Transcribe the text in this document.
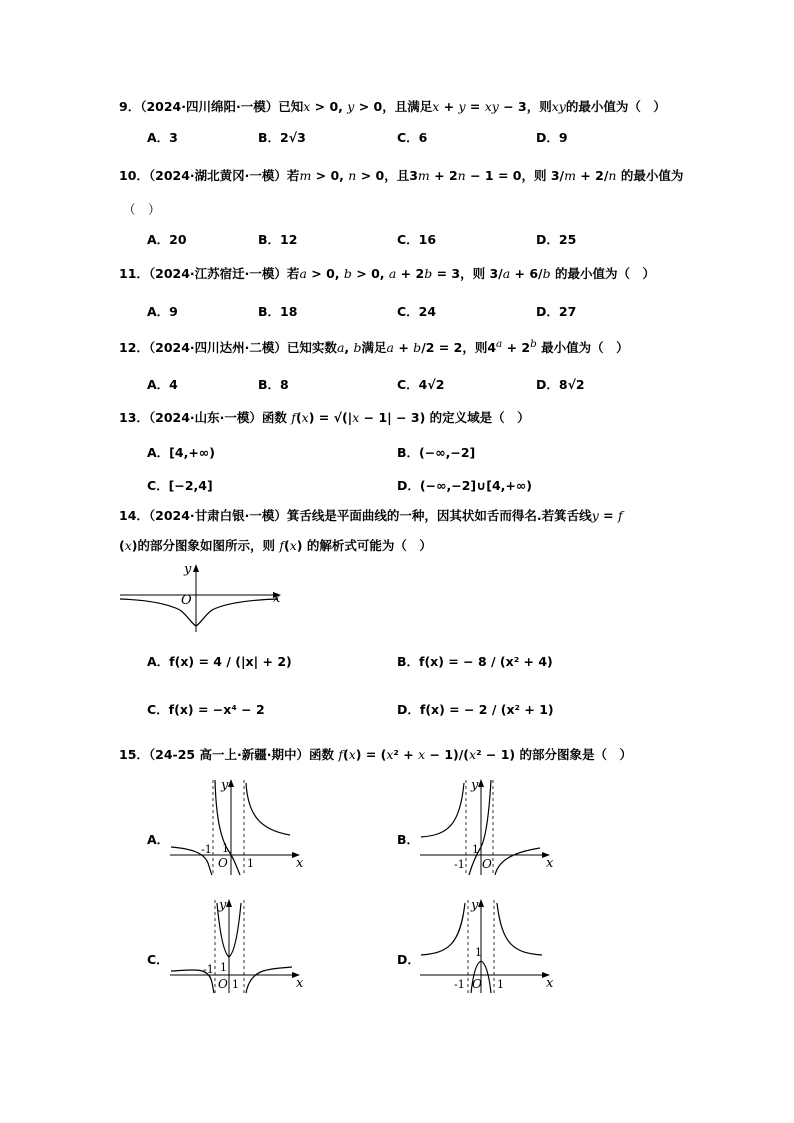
9．（2024·四川绵阳·一模）已知x > 0, y > 0，且满足x + y = xy − 3，则xy的最小值为（　）
A．3	B．2√3	C．6	D．9
10．（2024·湖北黄冈·一模）若m > 0, n > 0，且3m + 2n − 1 = 0，则 3/m + 2/n 的最小值为
（　）
A．20	B．12	C．16	D．25
11．（2024·江苏宿迁·一模）若a > 0, b > 0, a + 2b = 3，则 3/a + 6/b 的最小值为（　）
A．9	B．18	C．24	D．27
12．（2024·四川达州·二模）已知实数a, b满足a + b/2 = 2，则$4^a + 2^b$ 最小值为（　）
A．4	B．8	C．4√2	D．8√2
13．（2024·山东·一模）函数 f(x) = √(|x − 1| − 3) 的定义域是（　）
A．[4,+∞)	B．(−∞,−2]
C．[−2,4]	D．(−∞,−2]∪[4,+∞)
14．（2024·甘肃白银·一模）箕舌线是平面曲线的一种，因其状如舌而得名.若箕舌线y = f
(x)的部分图象如图所示，则 f(x) 的解析式可能为（　）
y
x
O
A．f(x) = 4 / (|x| + 2)	B．f(x) = − 8 / (x² + 4)
C．f(x) = −x⁴ − 2	D．f(x) = − 2 / (x² + 1)
15．（24-25 高一上·新疆·期中）函数 f(x) = (x² + x − 1)/(x² − 1) 的部分图象是（　）
A．	B．
C．	D．
y
x
O
-1 1
1
y
x
O
-1
1
y
x
O
-1 1
1
y
x
O
-1
1
1
